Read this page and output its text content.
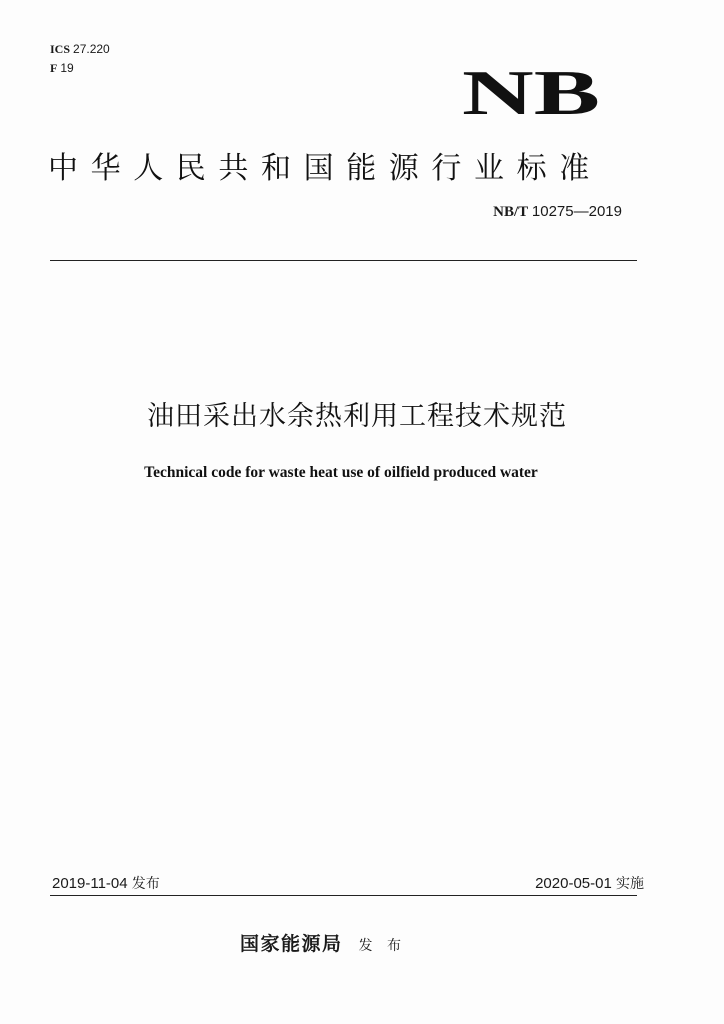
ICS 27.220
F 19	NB
中华人民共和国能源行业标准
NB/T 10275—2019
油田采出水余热利用工程技术规范
Technical code for waste heat use of oilfield produced water
2019-11-04 发布	2020-05-01 实施
国家能源局 发 布
